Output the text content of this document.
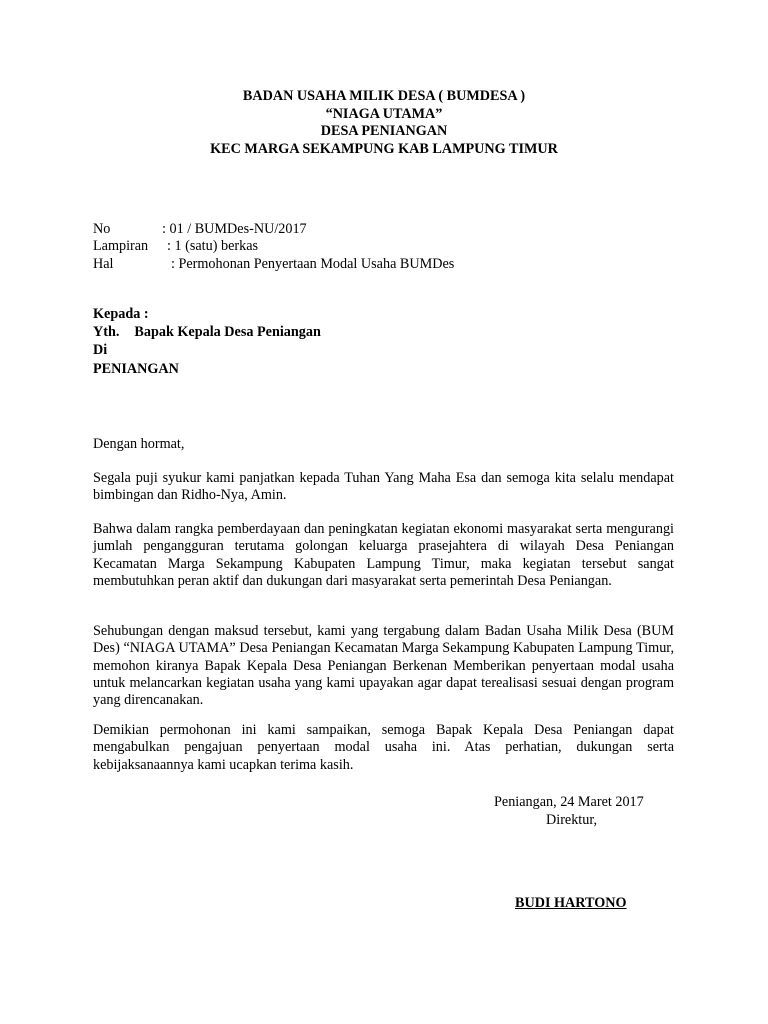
BADAN USAHA MILIK DESA ( BUMDESA )
“NIAGA UTAMA”
DESA PENIANGAN
KEC MARGA SEKAMPUNG KAB LAMPUNG TIMUR
No	: 01 / BUMDes-NU/2017
Lampiran : 1 (satu) berkas
Hal	: Permohonan Penyertaan Modal Usaha BUMDes
Kepada :
Yth. Bapak Kepala Desa Peniangan
Di
PENIANGAN
Dengan hormat,
Segala puji syukur kami panjatkan kepada Tuhan Yang Maha Esa dan semoga kita selalu mendapat bimbingan dan Ridho-Nya, Amin.
Bahwa dalam rangka pemberdayaan dan peningkatan kegiatan ekonomi masyarakat serta mengurangi jumlah pengangguran terutama golongan keluarga prasejahtera di wilayah Desa Peniangan Kecamatan Marga Sekampung Kabupaten Lampung Timur, maka kegiatan tersebut sangat membutuhkan peran aktif dan dukungan dari masyarakat serta pemerintah Desa Peniangan.
Sehubungan dengan maksud tersebut, kami yang tergabung dalam Badan Usaha Milik Desa (BUM Des) “NIAGA UTAMA” Desa Peniangan Kecamatan Marga Sekampung Kabupaten Lampung Timur, memohon kiranya Bapak Kepala Desa Peniangan Berkenan Memberikan penyertaan modal usaha untuk melancarkan kegiatan usaha yang kami upayakan agar dapat terealisasi sesuai dengan program yang direncanakan.
Demikian permohonan ini kami sampaikan, semoga Bapak Kepala Desa Peniangan dapat mengabulkan pengajuan penyertaan modal usaha ini. Atas perhatian, dukungan serta kebijaksanaannya kami ucapkan terima kasih.
Peniangan, 24 Maret 2017
Direktur,
BUDI HARTONO
